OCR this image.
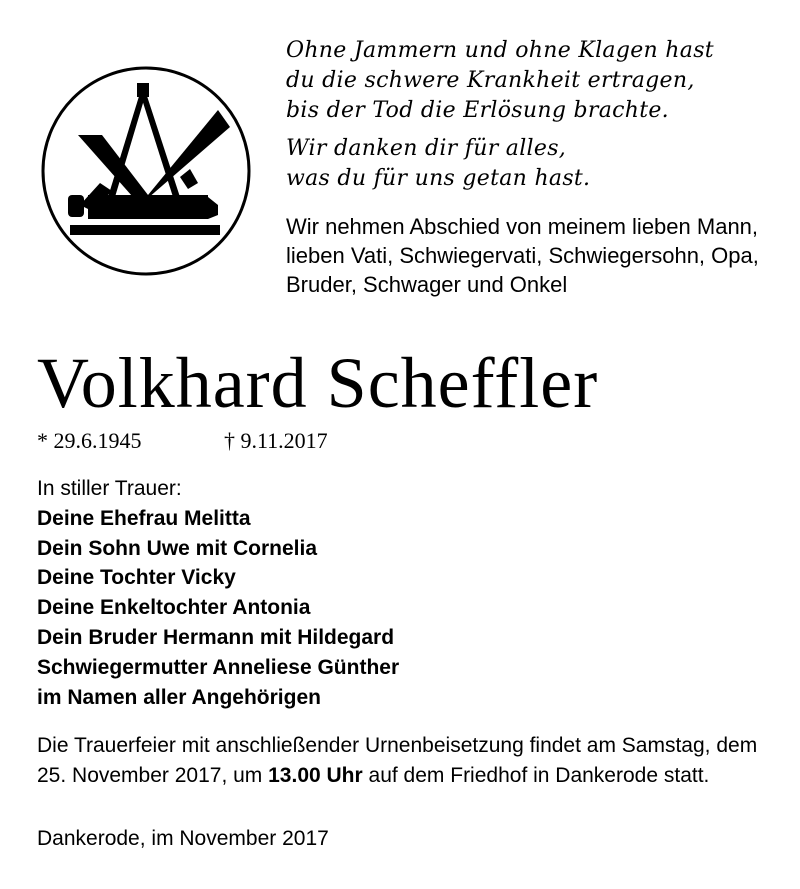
Ohne Jammern und ohne Klagen hast
du die schwere Krankheit ertragen,
bis der Tod die Erlösung brachte.
Wir danken dir für alles,
was du für uns getan hast.
Wir nehmen Abschied von meinem lieben Mann, lieben Vati, Schwiegervati, Schwiegersohn, Opa, Bruder, Schwager und Onkel
Volkhard Scheffler
* 29.6.1945	† 9.11.2017
In stiller Trauer:
Deine Ehefrau Melitta
Dein Sohn Uwe mit Cornelia
Deine Tochter Vicky
Deine Enkeltochter Antonia
Dein Bruder Hermann mit Hildegard
Schwiegermutter Anneliese Günther
im Namen aller Angehörigen
Die Trauerfeier mit anschließender Urnenbeisetzung findet am Samstag, dem 25. November 2017, um 13.00 Uhr auf dem Friedhof in Dankerode statt.
Dankerode, im November 2017
